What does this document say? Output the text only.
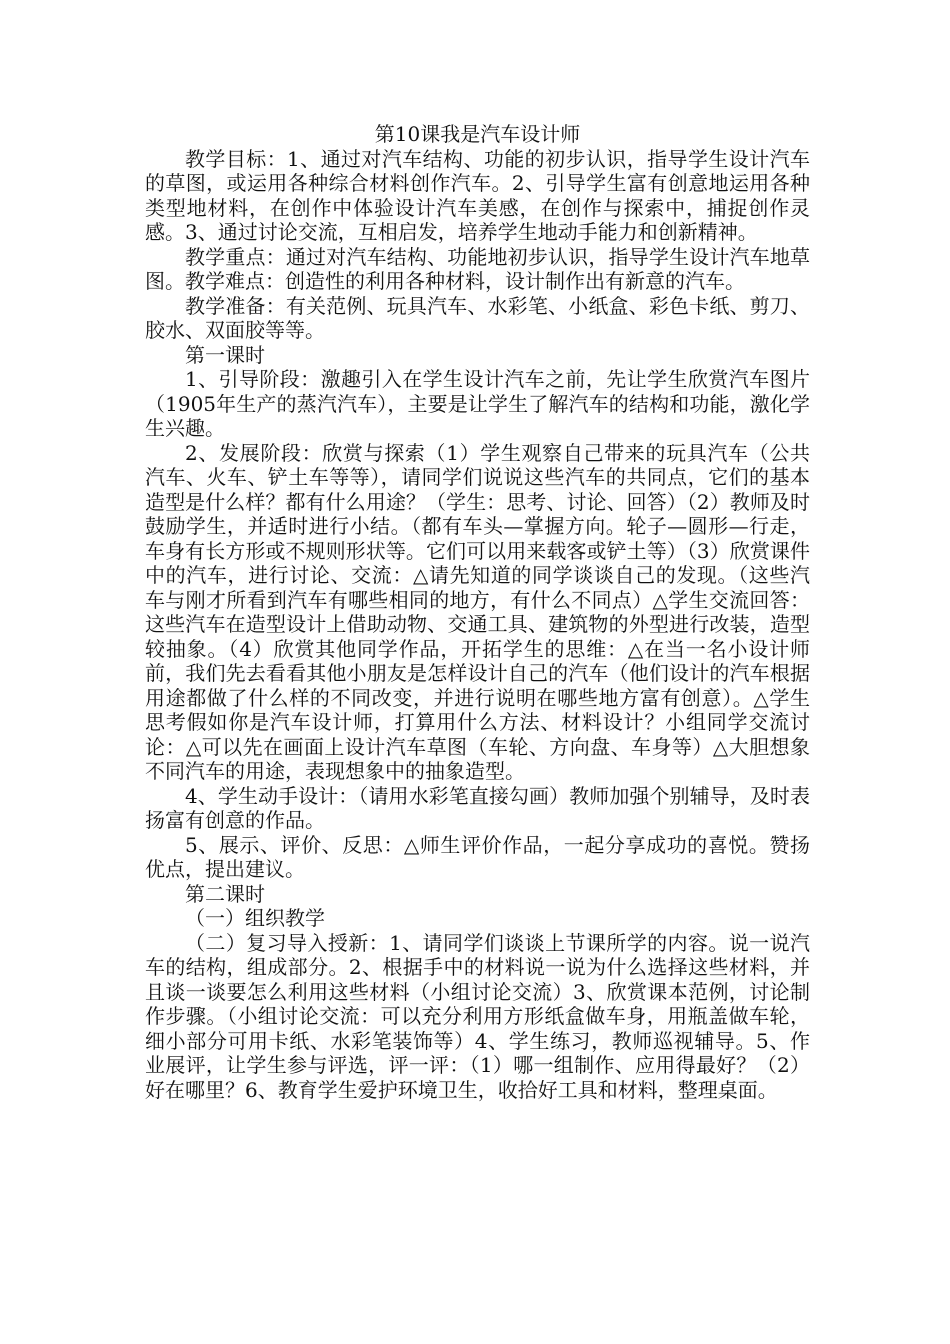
第10课我是汽车设计师

教学目标：1、通过对汽车结构、功能的初步认识，指导学生设计汽车的草图，或运用各种综合材料创作汽车。2、引导学生富有创意地运用各种类型地材料，在创作中体验设计汽车美感，在创作与探索中，捕捉创作灵感。3、通过讨论交流，互相启发，培养学生地动手能力和创新精神。

教学重点：通过对汽车结构、功能地初步认识，指导学生设计汽车地草图。教学难点：创造性的利用各种材料，设计制作出有新意的汽车。

教学准备：有关范例、玩具汽车、水彩笔、小纸盒、彩色卡纸、剪刀、胶水、双面胶等等。

第一课时

1、引导阶段：激趣引入在学生设计汽车之前，先让学生欣赏汽车图片（1905年生产的蒸汽汽车），主要是让学生了解汽车的结构和功能，激化学生兴趣。

2、发展阶段：欣赏与探索（1）学生观察自己带来的玩具汽车（公共汽车、火车、铲土车等等），请同学们说说这些汽车的共同点，它们的基本造型是什么样？都有什么用途？（学生：思考、讨论、回答）（2）教师及时鼓励学生，并适时进行小结。（都有车头—掌握方向。轮子—圆形—行走，车身有长方形或不规则形状等。它们可以用来载客或铲土等）（3）欣赏课件中的汽车，进行讨论、交流：△请先知道的同学谈谈自己的发现。（这些汽车与刚才所看到汽车有哪些相同的地方，有什么不同点）△学生交流回答：这些汽车在造型设计上借助动物、交通工具、建筑物的外型进行改装，造型较抽象。（4）欣赏其他同学作品，开拓学生的思维：△在当一名小设计师前，我们先去看看其他小朋友是怎样设计自己的汽车（他们设计的汽车根据用途都做了什么样的不同改变，并进行说明在哪些地方富有创意）。△学生思考假如你是汽车设计师，打算用什么方法、材料设计？小组同学交流讨论：△可以先在画面上设计汽车草图（车轮、方向盘、车身等）△大胆想象不同汽车的用途，表现想象中的抽象造型。

4、学生动手设计：（请用水彩笔直接勾画）教师加强个别辅导，及时表扬富有创意的作品。

5、展示、评价、反思：△师生评价作品，一起分享成功的喜悦。赞扬优点，提出建议。

第二课时

（一）组织教学

（二）复习导入授新：1、请同学们谈谈上节课所学的内容。说一说汽车的结构，组成部分。2、根据手中的材料说一说为什么选择这些材料，并且谈一谈要怎么利用这些材料（小组讨论交流）3、欣赏课本范例，讨论制作步骤。（小组讨论交流：可以充分利用方形纸盒做车身，用瓶盖做车轮，细小部分可用卡纸、水彩笔装饰等）4、学生练习，教师巡视辅导。5、作业展评，让学生参与评选，评一评：（1）哪一组制作、应用得最好？（2）好在哪里？6、教育学生爱护环境卫生，收拾好工具和材料，整理桌面。
